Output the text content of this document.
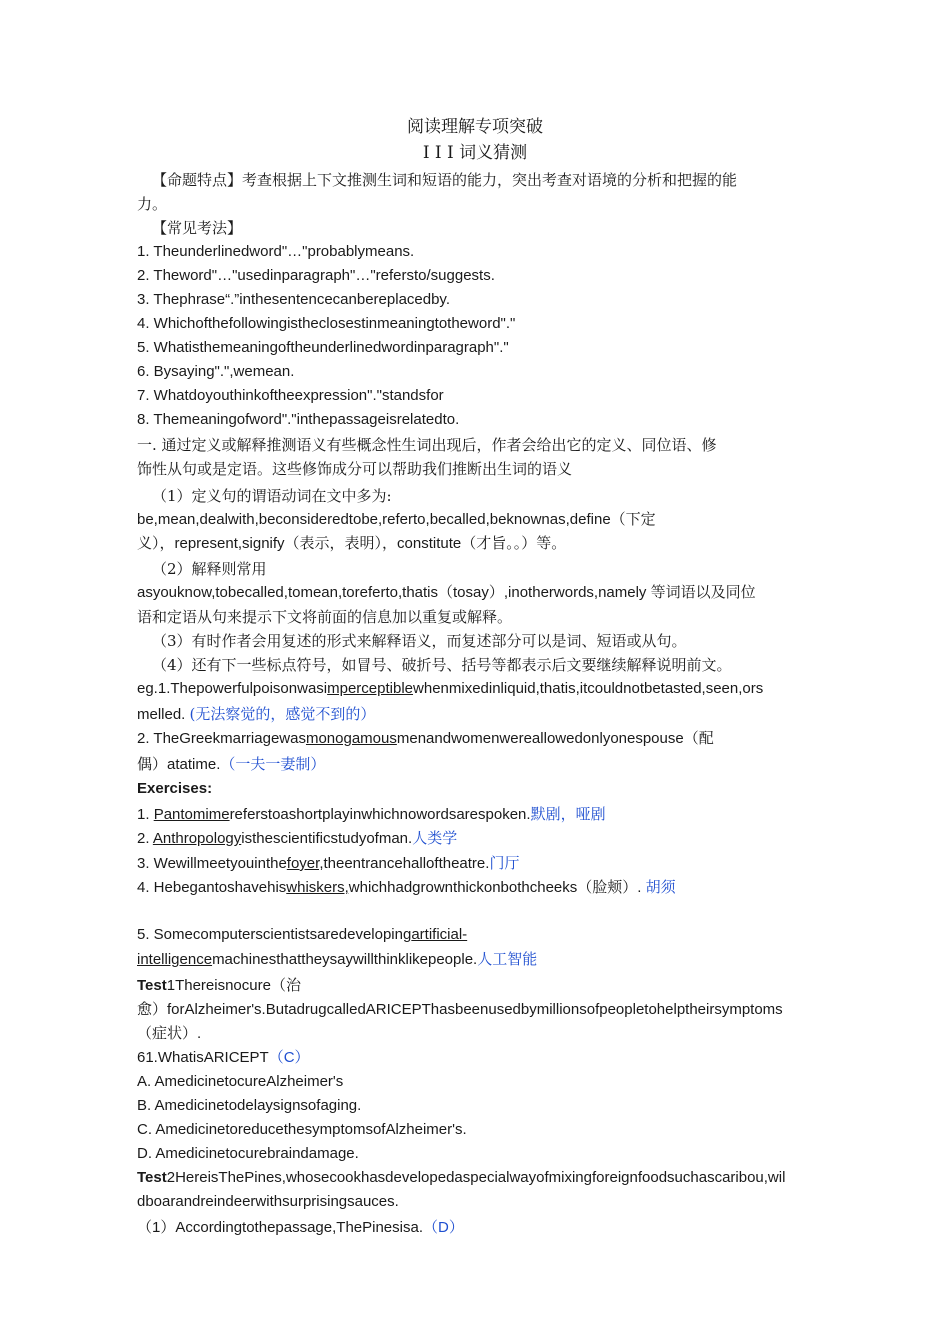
阅读理解专项突破
I I I 词义猜测
【命题特点】考查根据上下文推测生词和短语的能力，突出考查对语境的分析和把握的能
力。
【常见考法】
1. Theunderlinedword"…"probablymeans.
2. Theword"…"usedinparagraph"…"refersto/suggests.
3. Thephrase“.”inthesentencecanbereplacedby.
4. Whichofthefollowingistheclosestinmeaningtotheword"."
5. Whatisthemeaningoftheunderlinedwordinparagraph"."
6. Bysaying".",wemean.
7. Whatdoyouthinkoftheexpression"."standsfor
8. Themeaningofword"."inthepassageisrelatedto.
一. 通过定义或解释推测语义有些概念性生词出现后，作者会给出它的定义、同位语、修
饰性从句或是定语。这些修饰成分可以帮助我们推断出生词的语义
（1）定义句的谓语动词在文中多为:
be,mean,dealwith,beconsideredtobe,referto,becalled,beknownas,define（下定
义），represent,signify（表示，表明），constitute（才旨。。）等。
（2）解释则常用
asyouknow,tobecalled,tomean,toreferto,thatis（tosay）,inotherwords,namely 等词语以及同位
语和定语从句来提示下文将前面的信息加以重复或解释。
（3）有时作者会用复述的形式来解释语义，而复述部分可以是词、短语或从句。
（4）还有下一些标点符号，如冒号、破折号、括号等都表示后文要继续解释说明前文。
eg.1.Thepowerfulpoisonwasimperceptiblewhenmixedinliquid,thatis,itcouldnotbetasted,seen,ors
melled. (无法察觉的，感觉不到的）
2. TheGreekmarriagewasmonogamousmenandwomenwereallowedonlyonespouse（配
偶）atatime.（一夫一妻制）
Exercises:
1. Pantomimereferstoashortplayinwhichnowordsarespoken.默剧，哑剧
2. Anthropologyisthescientificstudyofman.人类学
3. Wewillmeetyouinthefoyer,theentrancehalloftheatre.门厅
4. Hebegantoshavehiswhiskers,whichhadgrownthickonbothcheeks（脸颊）. 胡须
5. Somecomputerscientistsaredevelopingartificial-
intelligencemachinesthattheysaywillthinklikepeople.人工智能
Test1Thereisnocure（治
愈）forAlzheimer's.ButadrugcalledARICEPThasbeenusedbymillionsofpeopletohelptheirsymptoms
（症状）.
61.WhatisARICEPT（C）
A. AmedicinetocureAlzheimer's
B. Amedicinetodelaysignsofaging.
C. AmedicinetoreducethesymptomsofAlzheimer's.
D. Amedicinetocurebraindamage.
Test2HereisThePines,whosecookhasdevelopedaspecialwayofmixingforeignfoodsuchascaribou,wil
dboarandreindeerwithsurprisingsauces.
（1）Accordingtothepassage,ThePinesisa.（D）
